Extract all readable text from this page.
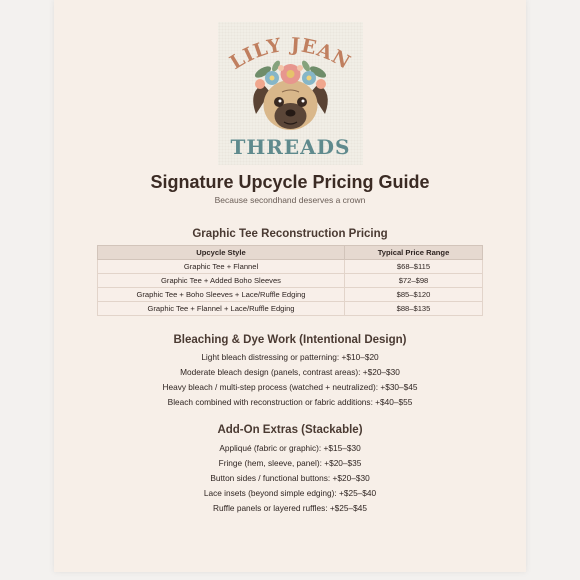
LILY JEAN
THREADS
Signature Upcycle Pricing Guide
Because secondhand deserves a crown
Graphic Tee Reconstruction Pricing
Upcycle Style	Typical Price Range
Graphic Tee + Flannel	$68–$115
Graphic Tee + Added Boho Sleeves	$72–$98
Graphic Tee + Boho Sleeves + Lace/Ruffle Edging	$85–$120
Graphic Tee + Flannel + Lace/Ruffle Edging	$88–$135
Bleaching & Dye Work (Intentional Design)
Light bleach distressing or patterning: +$10–$20
Moderate bleach design (panels, contrast areas): +$20–$30
Heavy bleach / multi-step process (watched + neutralized): +$30–$45
Bleach combined with reconstruction or fabric additions: +$40–$55
Add-On Extras (Stackable)
Appliqué (fabric or graphic): +$15–$30
Fringe (hem, sleeve, panel): +$20–$35
Button sides / functional buttons: +$20–$30
Lace insets (beyond simple edging): +$25–$40
Ruffle panels or layered ruffles: +$25–$45
